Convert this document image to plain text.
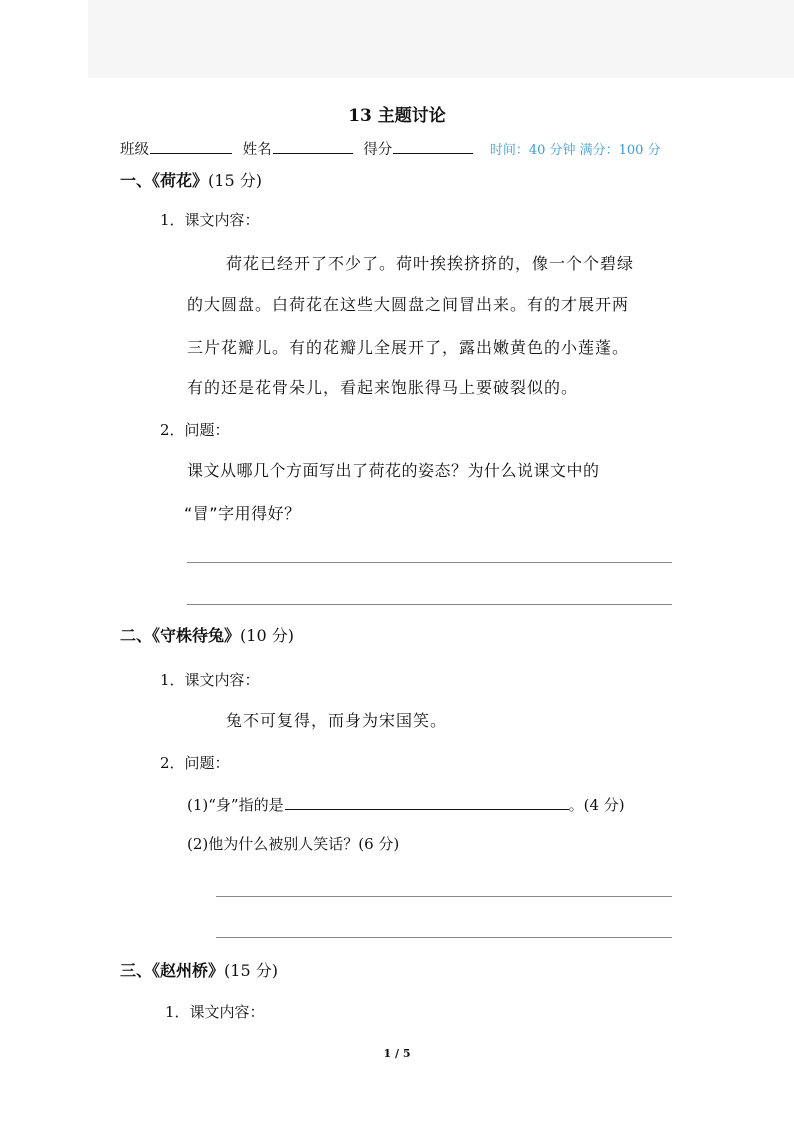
13 主题讨论
班级	姓名	得分	时间：40 分钟 满分：100 分
一、《荷花》(15 分)
1．课文内容：
荷花已经开了不少了。荷叶挨挨挤挤的，像一个个碧绿
的大圆盘。白荷花在这些大圆盘之间冒出来。有的才展开两
三片花瓣儿。有的花瓣儿全展开了，露出嫩黄色的小莲蓬。
有的还是花骨朵儿，看起来饱胀得马上要破裂似的。
2．问题：
课文从哪几个方面写出了荷花的姿态？为什么说课文中的
“冒”字用得好？
二、《守株待兔》(10 分)
1．课文内容：
兔不可复得，而身为宋国笑。
2．问题：
(1)“身”指的是	。(4 分)
(2)他为什么被别人笑话？(6 分)
三、《赵州桥》(15 分)
1．课文内容：
1 / 5
